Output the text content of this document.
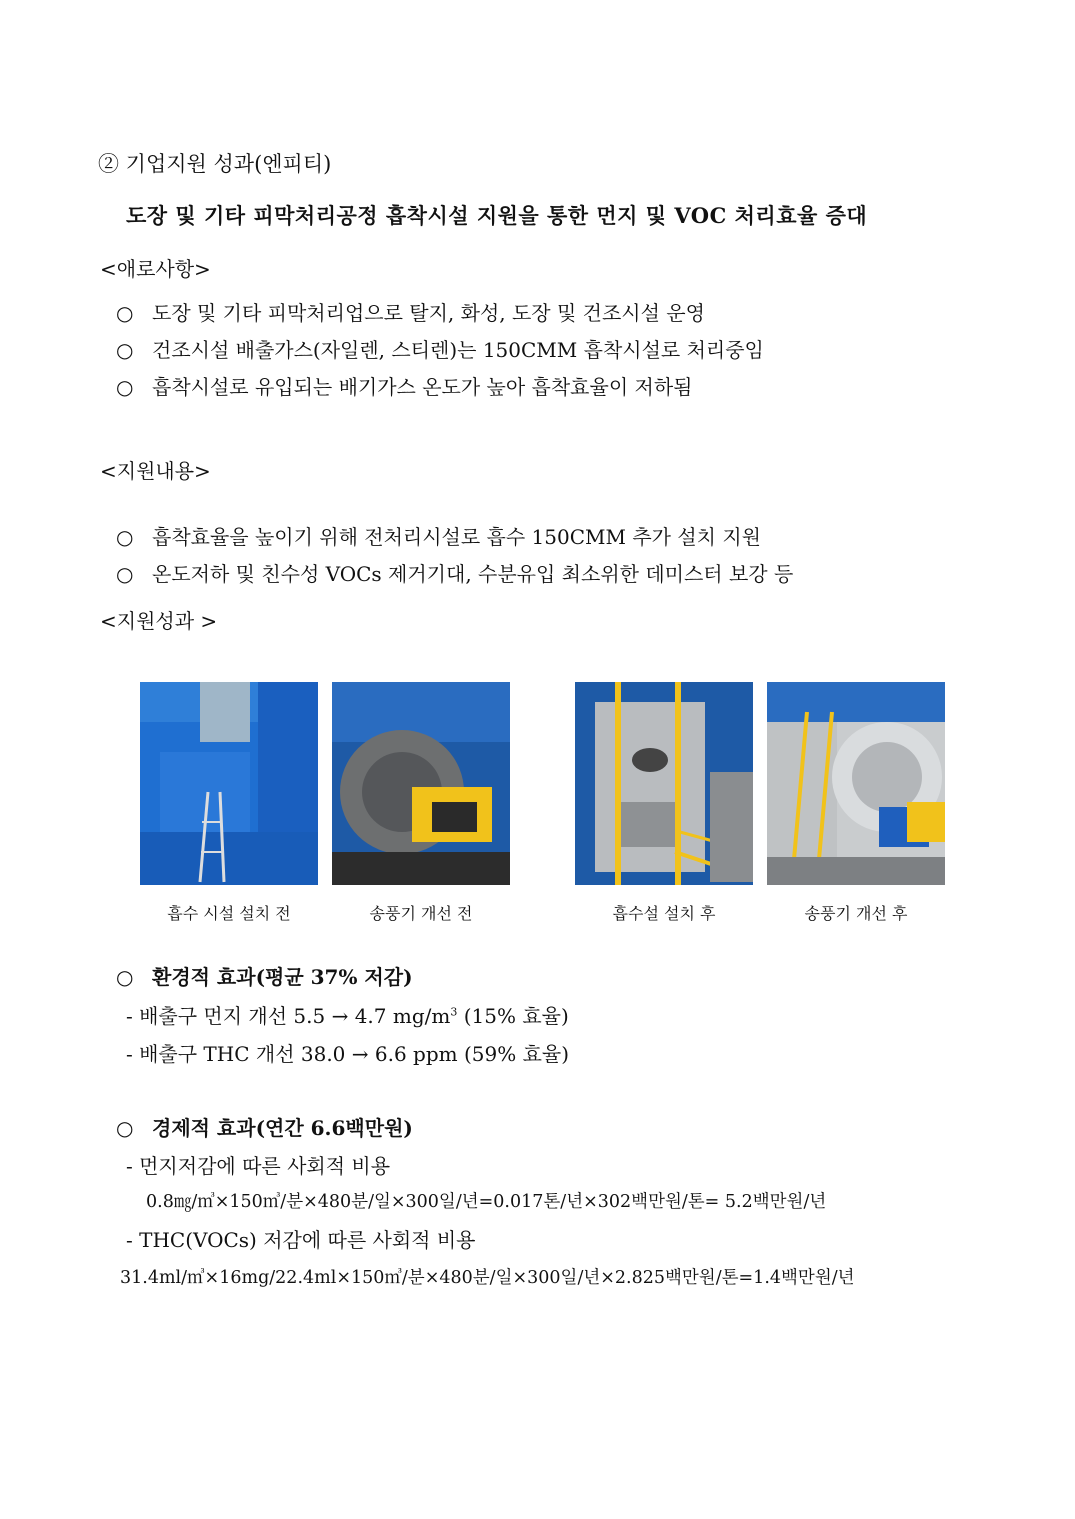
② 기업지원 성과(엔피티)
도장 및 기타 피막처리공정 흡착시설 지원을 통한 먼지 및 VOC 처리효율 증대
<애로사항>
○ 도장 및 기타 피막처리업으로 탈지, 화성, 도장 및 건조시설 운영
○ 건조시설 배출가스(자일렌, 스티렌)는 150CMM 흡착시설로 처리중임
○ 흡착시설로 유입되는 배기가스 온도가 높아 흡착효율이 저하됨
<지원내용>
○ 흡착효율을 높이기 위해 전처리시설로 흡수 150CMM 추가 설치 지원
○ 온도저하 및 친수성 VOCs 제거기대, 수분유입 최소위한 데미스터 보강 등
<지원성과 >
흡수 시설 설치 전	송풍기 개선 전	흡수설 설치 후	송풍기 개선 후
○ 환경적 효과(평균 37% 저감)
- 배출구 먼지 개선 5.5 → 4.7 $mg/m^3$ (15% 효율)
- 배출구 THC 개선 38.0 → 6.6 ppm (59% 효율)
○ 경제적 효과(연간 6.6백만원)
- 먼지저감에 따른 사회적 비용
0.8㎎/㎥×150㎥/분×480분/일×300일/년=0.017톤/년×302백만원/톤= 5.2백만원/년
- THC(VOCs) 저감에 따른 사회적 비용
31.4ml/㎥×16mg/22.4ml×150㎥/분×480분/일×300일/년×2.825백만원/톤=1.4백만원/년
